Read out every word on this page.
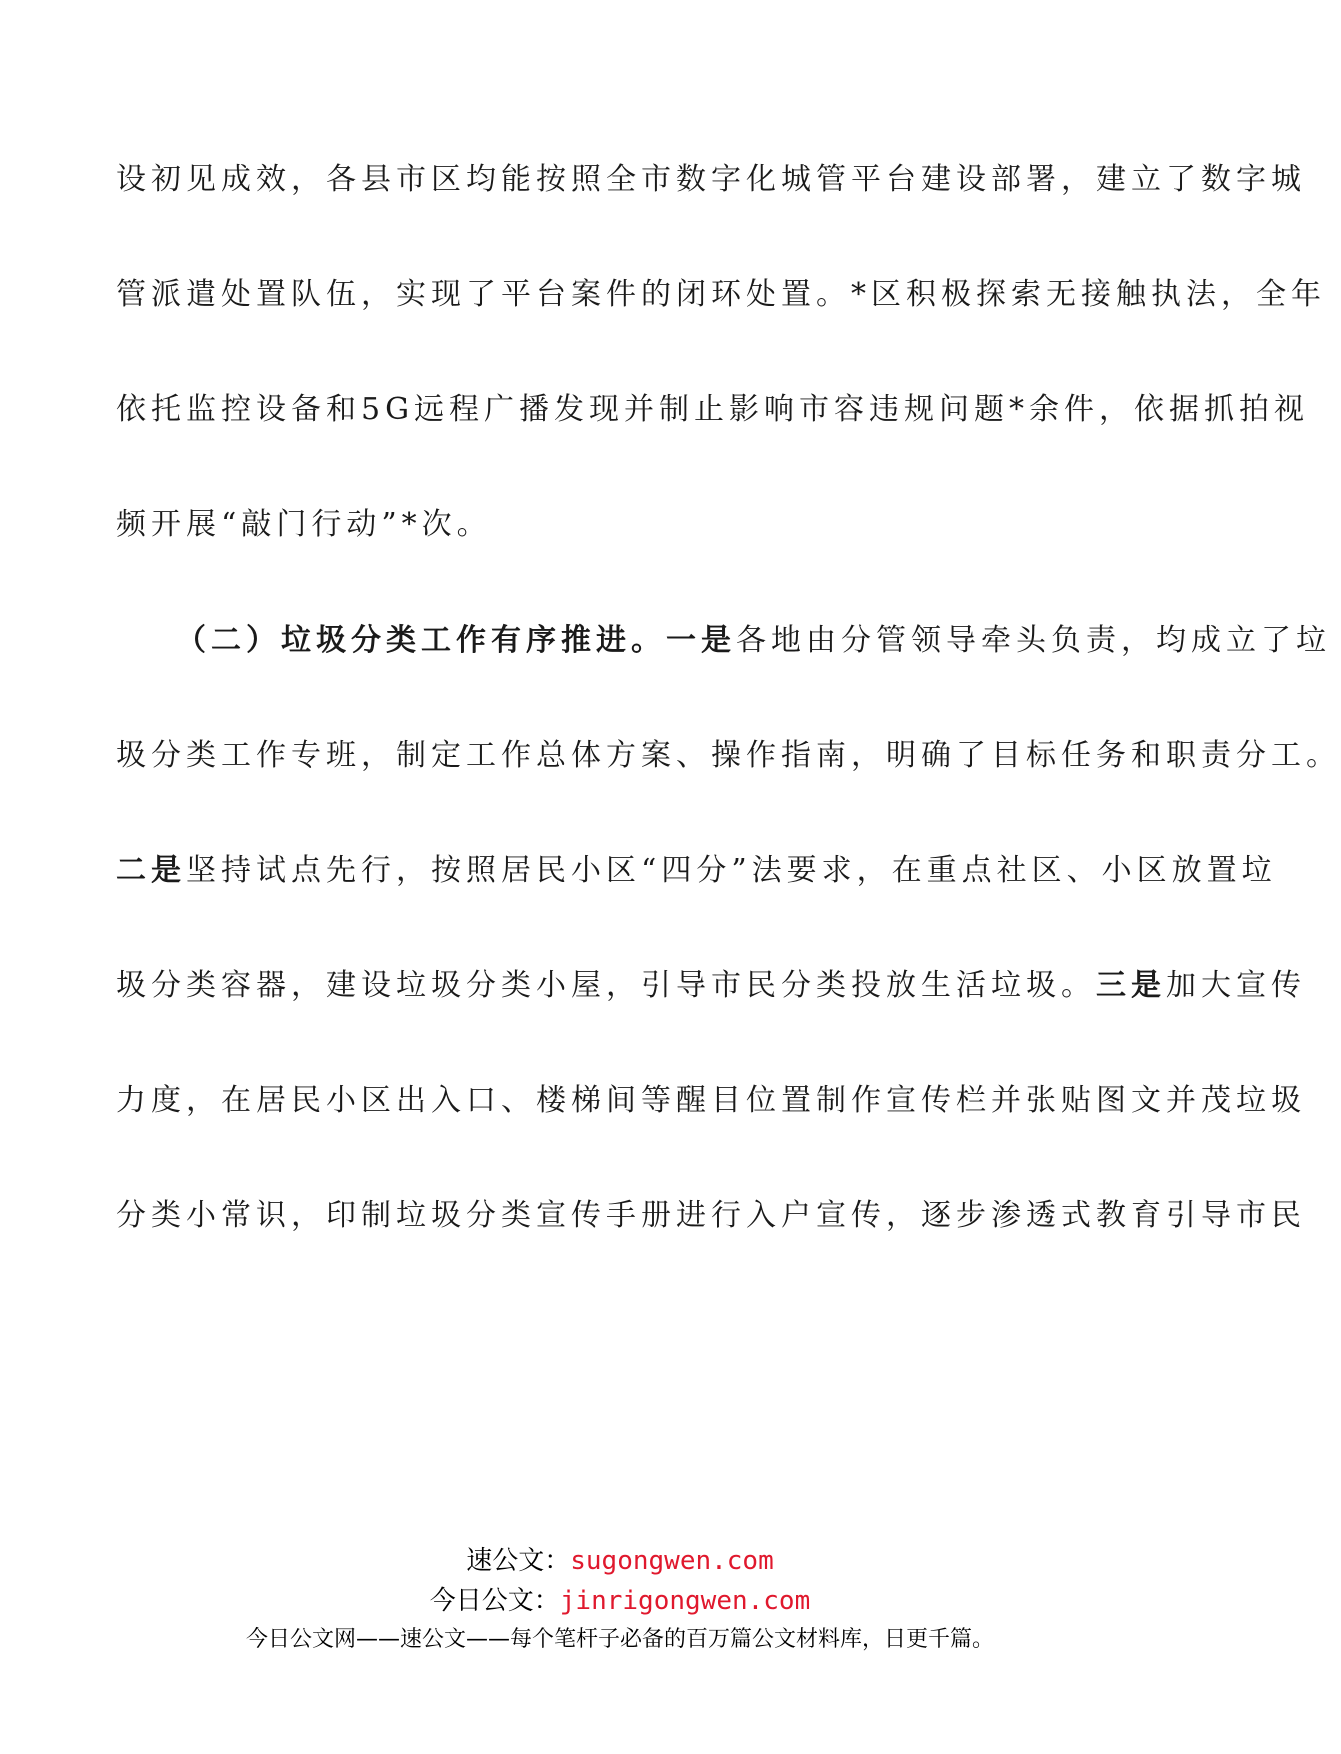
设初见成效，各县市区均能按照全市数字化城管平台建设部署，建立了数字城
管派遣处置队伍，实现了平台案件的闭环处置。*区积极探索无接触执法，全年
依托监控设备和5G远程广播发现并制止影响市容违规问题*余件，依据抓拍视
频开展“敲门行动”*次。
（二）垃圾分类工作有序推进。一是各地由分管领导牵头负责，均成立了垃
圾分类工作专班，制定工作总体方案、操作指南，明确了目标任务和职责分工。
二是坚持试点先行，按照居民小区“四分”法要求，在重点社区、小区放置垃
圾分类容器，建设垃圾分类小屋，引导市民分类投放生活垃圾。三是加大宣传
力度，在居民小区出入口、楼梯间等醒目位置制作宣传栏并张贴图文并茂垃圾
分类小常识，印制垃圾分类宣传手册进行入户宣传，逐步渗透式教育引导市民
速公文：sugongwen.com
今日公文：jinrigongwen.com
今日公文网——速公文——每个笔杆子必备的百万篇公文材料库，日更千篇。
